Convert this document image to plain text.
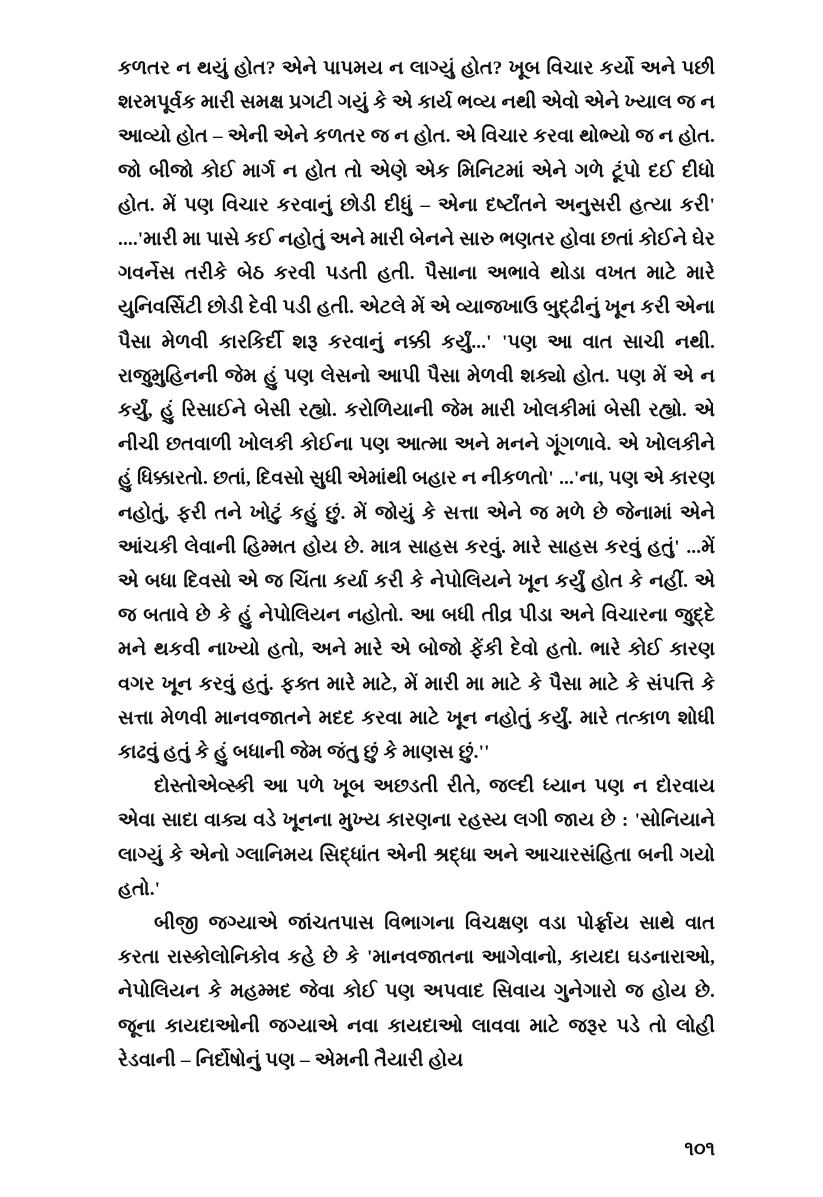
કળતર ન થયું હોત? એને પાપમય ન લાગ્યું હોત? ખૂબ વિચાર કર્યો અને પછી શરમપૂર્વક મારી સમક્ષ પ્રગટી ગયું કે એ કાર્ય ભવ્ય નથી એવો એને ખ્યાલ જ ન આવ્યો હોત – એની એને કળતર જ ન હોત. એ વિચાર કરવા થોભ્યો જ ન હોત. જો બીજો કોઈ માર્ગ ન હોત તો એણે એક મિનિટમાં એને ગળે ટૂંપો દઈ દીધો હોત. મેં પણ વિચાર કરવાનું છોડી દીધું – એના દર્ષ્ટાંતને અનુસરી હત્યા કરી' ....'મારી મા પાસે કઈ નહોતું અને મારી બેનને સારુ ભણતર હોવા છતાં કોઈને ઘેર ગવર્નેસ તરીકે બેઠ કરવી પડતી હતી. પૈસાના અભાવે થોડા વખત માટે મારે યુનિવર્સિટી છોડી દેવી પડી હતી. એટલે મેં એ વ્યાજખાઉ બુદ્ઢીનું ખૂન કરી એના પૈસા મેળવી કારકિર્દી શરૂ કરવાનું નક્કી કર્યું...' 'પણ આ વાત સાચી નથી. રાજુમુહિનની જેમ હું પણ લેસનો આપી પૈસા મેળવી શક્યો હોત. પણ મેં એ ન કર્યું, હું રિસાઈને બેસી રહ્યો. કરોળિયાની જેમ મારી ખોલકીમાં બેસી રહ્યો. એ નીચી છતવાળી ખોલકી કોઈના પણ આત્મા અને મનને ગૂંગળાવે. એ ખોલકીને હું ધિક્કારતો. છતાં, દિવસો સુધી એમાંથી બહાર ન નીકળતો' ...'ના, પણ એ કારણ નહોતું, ફરી તને ખોટું કહું છું. મેં જોયું કે સત્તા એને જ મળે છે જેનામાં એને આંચકી લેવાની હિમ્મત હોય છે. માત્ર સાહસ કરવું. મારે સાહસ કરવું હતું' ...મેં એ બધા દિવસો એ જ ચિંતા કર્યા કરી કે નેપોલિયને ખૂન કર્યું હોત કે નહીં. એ જ બતાવે છે કે હું નેપોલિયન નહોતો. આ બધી તીવ્ર પીડા અને વિચારના જુદ્દે મને થકવી નાખ્યો હતો, અને મારે એ બોજો ફેંકી દેવો હતો. ભારે કોઈ કારણ વગર ખૂન કરવું હતું. ફક્ત મારે માટે, મેં મારી મા માટે કે પૈસા માટે કે સંપત્તિ કે સત્તા મેળવી માનવજાતને મદદ કરવા માટે ખૂન નહોતું કર્યું. મારે તત્કાળ શોધી કાઢવું હતું કે હું બધાની જેમ જંતુ છું કે માણસ છું.''

દોસ્તોએવ્સ્કી આ પળે ખૂબ અછડતી રીતે, જલ્દી ધ્યાન પણ ન દોરવાય એવા સાદા વાક્ય વડે ખૂનના મુખ્ય કારણના રહસ્ય લગી જાય છે : 'સોનિયાને લાગ્યું કે એનો ગ્લાનિમય સિદ્ધાંત એની શ્રદ્ધા અને આચારસંહિતા બની ગયો હતો.'

બીજી જગ્યાએ જાંચતપાસ વિભાગના વિચક્ષણ વડા પોર્ફ્રાય સાથે વાત કરતા રાસ્કોલોનિકોવ કહે છે કે 'માનવજાતના આગેવાનો, કાયદા ઘડનારાઓ, નેપોલિયન કે મહમ્મદ જેવા કોઈ પણ અપવાદ સિવાય ગુનેગારો જ હોય છે. જૂના કાયદાઓની જગ્યાએ નવા કાયદાઓ લાવવા માટે જરૂર પડે તો લોહી રેડવાની – નિર્દોષોનું પણ – એમની તૈયારી હોય

૧૦૧
